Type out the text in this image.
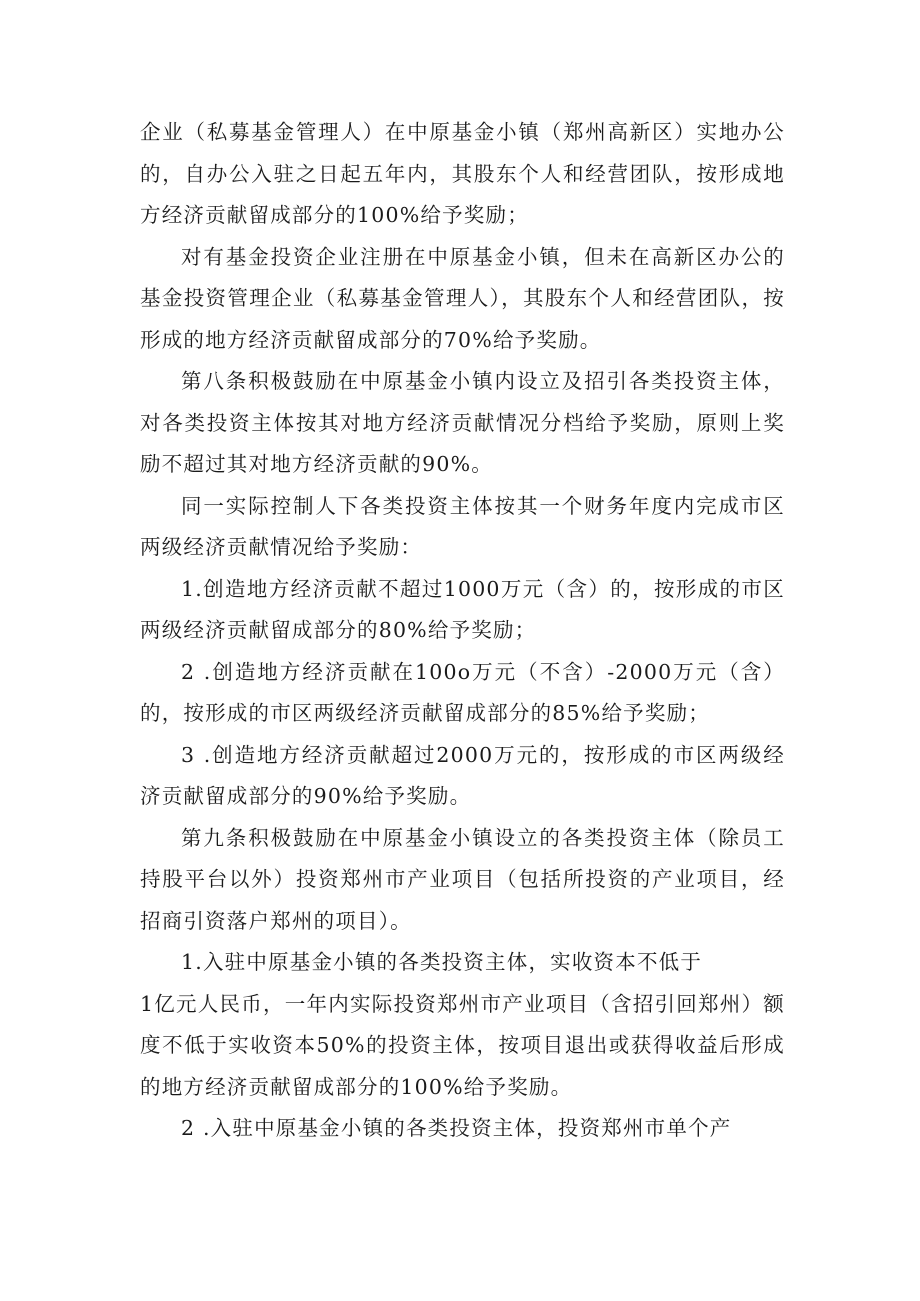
企业（私募基金管理人）在中原基金小镇（郑州高新区）实地办公的，自办公入驻之日起五年内，其股东个人和经营团队，按形成地方经济贡献留成部分的100%给予奖励；

对有基金投资企业注册在中原基金小镇，但未在高新区办公的基金投资管理企业（私募基金管理人），其股东个人和经营团队，按形成的地方经济贡献留成部分的70%给予奖励。

第八条积极鼓励在中原基金小镇内设立及招引各类投资主体，对各类投资主体按其对地方经济贡献情况分档给予奖励，原则上奖励不超过其对地方经济贡献的90%。

同一实际控制人下各类投资主体按其一个财务年度内完成市区两级经济贡献情况给予奖励：

1.创造地方经济贡献不超过1000万元（含）的，按形成的市区两级经济贡献留成部分的80%给予奖励；

2 .创造地方经济贡献在100o万元（不含）-2000万元（含）的，按形成的市区两级经济贡献留成部分的85%给予奖励；

3 .创造地方经济贡献超过2000万元的，按形成的市区两级经济贡献留成部分的90%给予奖励。

第九条积极鼓励在中原基金小镇设立的各类投资主体（除员工持股平台以外）投资郑州市产业项目（包括所投资的产业项目，经招商引资落户郑州的项目）。

1.入驻中原基金小镇的各类投资主体，实收资本不低于

1亿元人民币，一年内实际投资郑州市产业项目（含招引回郑州）额度不低于实收资本50%的投资主体，按项目退出或获得收益后形成的地方经济贡献留成部分的100%给予奖励。

2 .入驻中原基金小镇的各类投资主体，投资郑州市单个产
